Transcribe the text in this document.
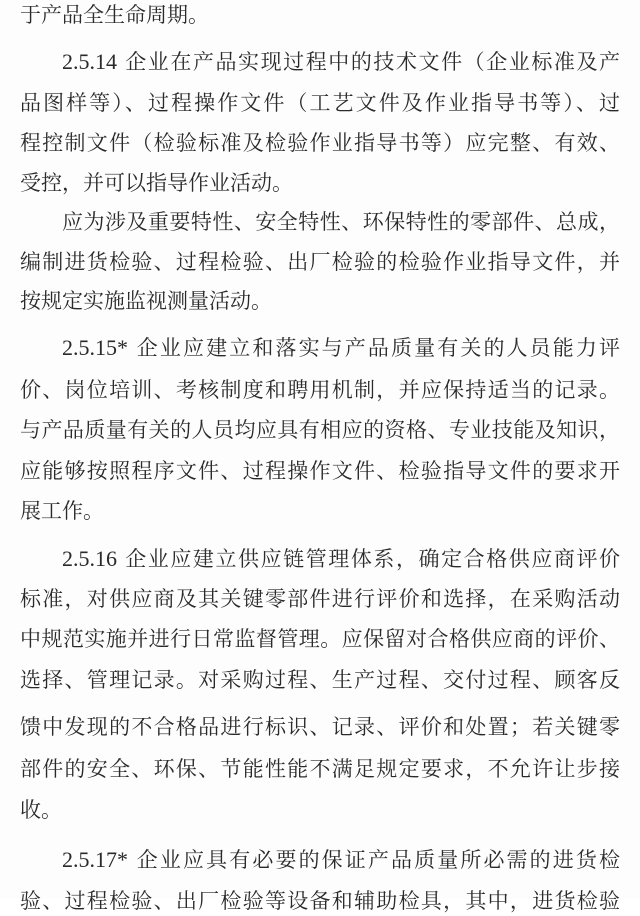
于产品全生命周期。
2.5.14 企业在产品实现过程中的技术文件（企业标准及产
品图样等）、过程操作文件（工艺文件及作业指导书等）、过
程控制文件（检验标准及检验作业指导书等）应完整、有效、
受控，并可以指导作业活动。
应为涉及重要特性、安全特性、环保特性的零部件、总成，
编制进货检验、过程检验、出厂检验的检验作业指导文件，并
按规定实施监视测量活动。
2.5.15* 企业应建立和落实与产品质量有关的人员能力评
价、岗位培训、考核制度和聘用机制，并应保持适当的记录。
与产品质量有关的人员均应具有相应的资格、专业技能及知识，
应能够按照程序文件、过程操作文件、检验指导文件的要求开
展工作。
2.5.16 企业应建立供应链管理体系，确定合格供应商评价
标准，对供应商及其关键零部件进行评价和选择，在采购活动
中规范实施并进行日常监督管理。应保留对合格供应商的评价、
选择、管理记录。对采购过程、生产过程、交付过程、顾客反
馈中发现的不合格品进行标识、记录、评价和处置；若关键零
部件的安全、环保、节能性能不满足规定要求，不允许让步接
收。
2.5.17* 企业应具有必要的保证产品质量所必需的进货检
验、过程检验、出厂检验等设备和辅助检具，其中，进货检验
